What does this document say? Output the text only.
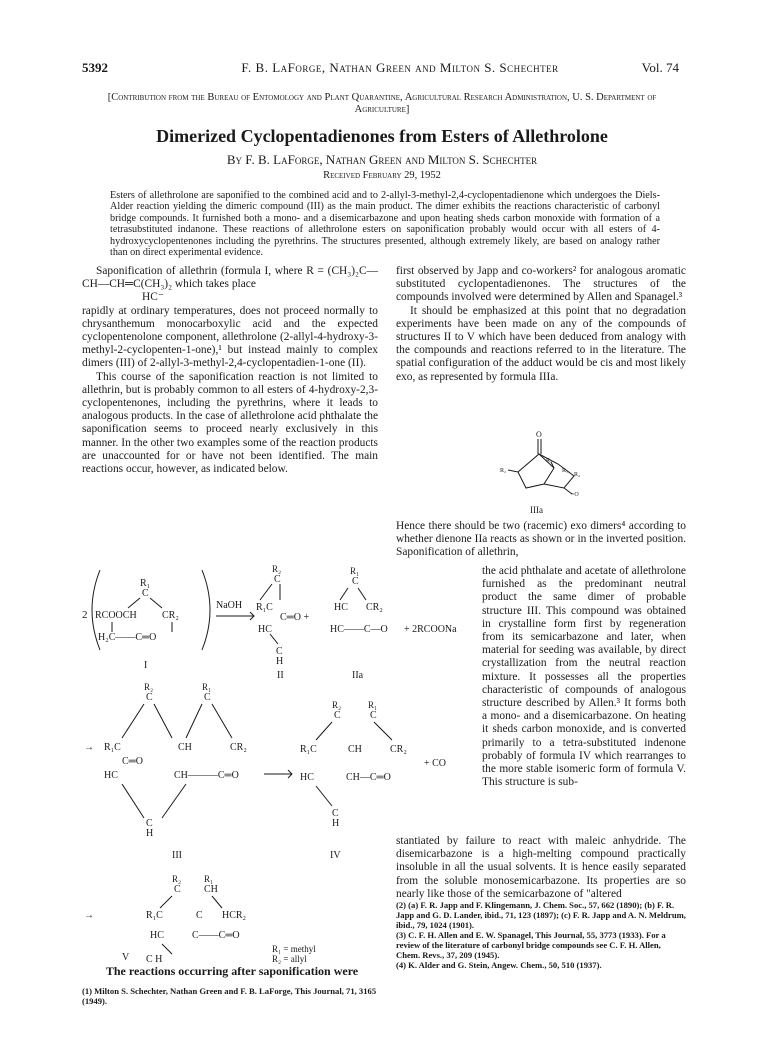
5392	F. B. LaForge, Nathan Green and Milton S. Schechter	Vol. 74
[Contribution from the Bureau of Entomology and Plant Quarantine, Agricultural Research Administration, U. S. Department of Agriculture]
Dimerized Cyclopentadienones from Esters of Allethrolone
By F. B. LaForge, Nathan Green and Milton S. Schechter
Received February 29, 1952
Esters of allethrolone are saponified to the combined acid and to 2-allyl-3-methyl-2,4-cyclopentadienone which undergoes the Diels-Alder reaction yielding the dimeric compound (III) as the main product. The dimer exhibits the reactions characteristic of carbonyl bridge compounds. It furnished both a mono- and a disemicarbazone and upon heating sheds carbon monoxide with formation of a tetrasubstituted indanone. These reactions of allethrolone esters on saponification probably would occur with all esters of 4-hydroxycyclopentenones including the pyrethrins. The structures presented, although extremely likely, are based on analogy rather than on direct experimental evidence.

Saponification of allethrin (formula I, where R = (CH₃)₂C—CH—CH═C(CH₃)₂ which takes place

HC⁻

rapidly at ordinary temperatures, does not proceed normally to chrysanthemum monocarboxylic acid and the expected cyclopentenolone component, allethrolone (2-allyl-4-hydroxy-3-methyl-2-cyclopenten-1-one),¹ but instead mainly to complex dimers (III) of 2-allyl-3-methyl-2,4-cyclopentadien-1-one (II).

This course of the saponification reaction is not limited to allethrin, but is probably common to all esters of 4-hydroxy-2,3-cyclopentenones, including the pyrethrins, where it leads to analogous products. In the case of allethrolone acid phthalate the saponification seems to proceed nearly exclusively in this manner. In the other two examples some of the reaction products are unaccounted for or have not been identified. The main reactions occur, however, as indicated below.

first observed by Japp and co-workers² for analogous aromatic substituted cyclopentadienones. The structures of the compounds involved were determined by Allen and Spanagel.³

It should be emphasized at this point that no degradation experiments have been made on any of the compounds of structures II to V which have been deduced from analogy with the compounds and reactions referred to in the literature. The spatial configuration of the adduct would be cis and most likely exo, as represented by formula IIIa.

O
R₂
R₁
R₂
R₁
=O
IIIa

Hence there should be two (racemic) exo dimers⁴ according to whether dienone IIa reacts as shown or in the inverted position. Saponification of allethrin,

the acid phthalate and acetate of allethrolone furnished as the predominant neutral product the same dimer of probable structure III. This compound was obtained in crystalline form first by regeneration from its semicarbazone and later, when material for seeding was available, by direct crystallization from the neutral reaction mixture. It possesses all the properties characteristic of compounds of analogous structure described by Allen.³ It forms both a mono- and a disemicarbazone. On heating it sheds carbon monoxide, and is converted primarily to a tetra-substituted indenone probably of formula IV which rearranges to the more stable isomeric form of formula V. This structure is sub-

stantiated by failure to react with maleic anhydride. The disemicarbazone is a high-melting compound practically insoluble in all the usual solvents. It is hence easily separated from the soluble monosemicarbazone. Its properties are so nearly like those of the semicarbazone of "altered

2
R₁
C
RCOOCH	CR₂
H₂C——C═O
I
NaOH
R₂
C
R₁C
C═O +
HC
C
H
II
R₁
C
HC CR₂
HC——C—O + 2RCOONa
IIa
R₂	R₁
C	C
→ R₁C	CH	CR₂
C═O
HC	CH———C═O
C
H
III
R₂	R₁
C	C
R₁C	CH	CR₂
+ CO
HC	CH—C═O
C
H
IV
R₂	R₁
C CH
→	R₁C	C HCR₂
HC	C——C═O
C H
R₁ = methyl
R₂ = allyl
V
The reactions occurring after saponification were
(1) Milton S. Schechter, Nathan Green and F. B. LaForge, This Journal, 71, 3165 (1949).

(2) (a) F. R. Japp and F. Klingemann, J. Chem. Soc., 57, 662 (1890); (b) F. R. Japp and G. D. Lander, ibid., 71, 123 (1897); (c) F. R. Japp and A. N. Meldrum, ibid., 79, 1024 (1901).

(3) C. F. H. Allen and E. W. Spanagel, This Journal, 55, 3773 (1933). For a review of the literature of carbonyl bridge compounds see C. F. H. Allen, Chem. Revs., 37, 209 (1945).

(4) K. Alder and G. Stein, Angew. Chem., 50, 510 (1937).
